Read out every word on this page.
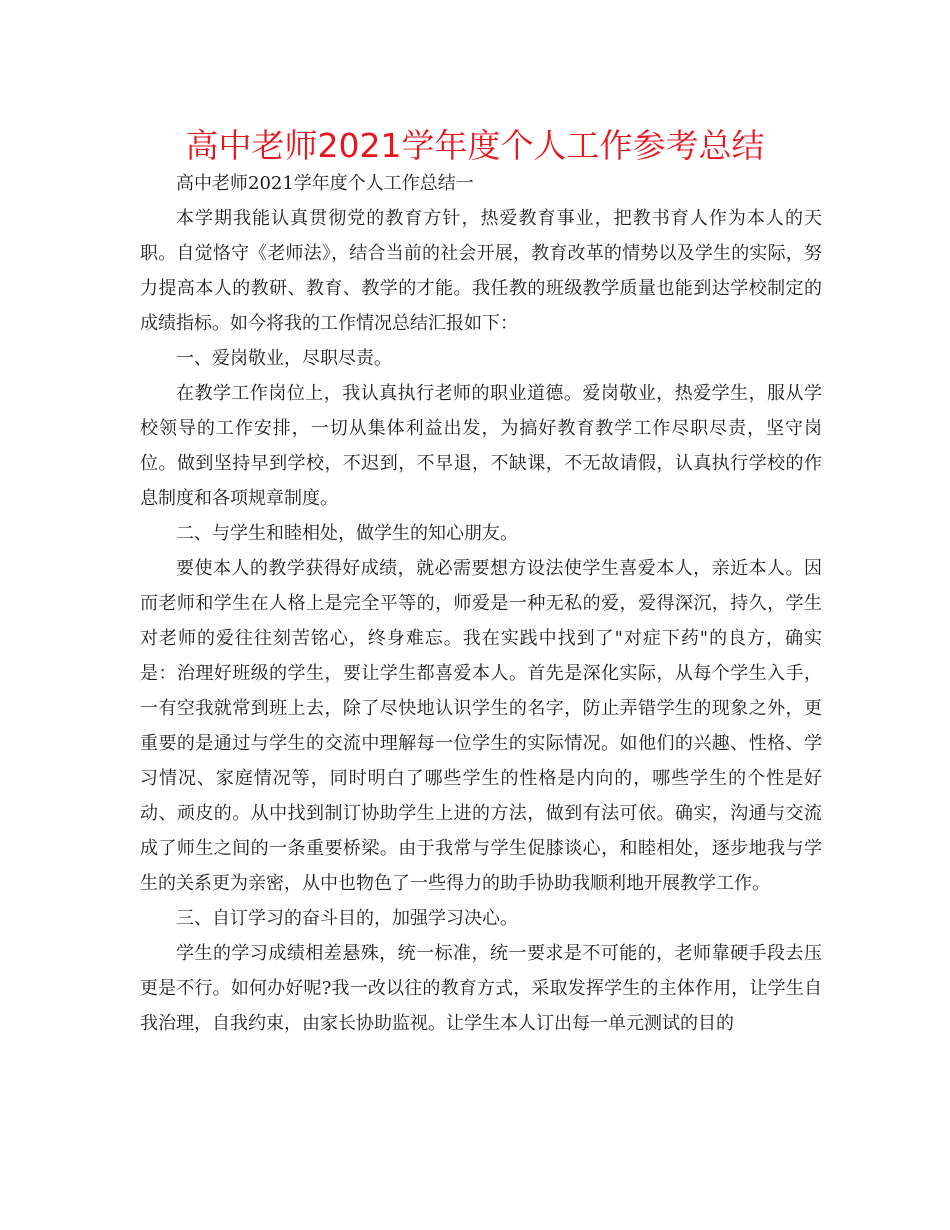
高中老师2021学年度个人工作参考总结

高中老师2021学年度个人工作总结一

本学期我能认真贯彻党的教育方针，热爱教育事业，把教书育人作为本人的天职。自觉恪守《老师法》，结合当前的社会开展，教育改革的情势以及学生的实际，努力提高本人的教研、教育、教学的才能。我任教的班级教学质量也能到达学校制定的成绩指标。如今将我的工作情况总结汇报如下：

一、爱岗敬业，尽职尽责。

在教学工作岗位上，我认真执行老师的职业道德。爱岗敬业，热爱学生，服从学校领导的工作安排，一切从集体利益出发，为搞好教育教学工作尽职尽责，坚守岗位。做到坚持早到学校，不迟到，不早退，不缺课，不无故请假，认真执行学校的作息制度和各项规章制度。

二、与学生和睦相处，做学生的知心朋友。

要使本人的教学获得好成绩，就必需要想方设法使学生喜爱本人，亲近本人。因而老师和学生在人格上是完全平等的，师爱是一种无私的爱，爱得深沉，持久，学生对老师的爱往往刻苦铭心，终身难忘。我在实践中找到了"对症下药"的良方，确实是：治理好班级的学生，要让学生都喜爱本人。首先是深化实际，从每个学生入手，一有空我就常到班上去，除了尽快地认识学生的名字，防止弄错学生的现象之外，更重要的是通过与学生的交流中理解每一位学生的实际情况。如他们的兴趣、性格、学习情况、家庭情况等，同时明白了哪些学生的性格是内向的，哪些学生的个性是好动、顽皮的。从中找到制订协助学生上进的方法，做到有法可依。确实，沟通与交流成了师生之间的一条重要桥梁。由于我常与学生促膝谈心，和睦相处，逐步地我与学生的关系更为亲密，从中也物色了一些得力的助手协助我顺利地开展教学工作。

三、自订学习的奋斗目的，加强学习决心。

学生的学习成绩相差悬殊，统一标准，统一要求是不可能的，老师靠硬手段去压更是不行。如何办好呢?我一改以往的教育方式，采取发挥学生的主体作用，让学生自我治理，自我约束，由家长协助监视。让学生本人订出每一单元测试的目的
